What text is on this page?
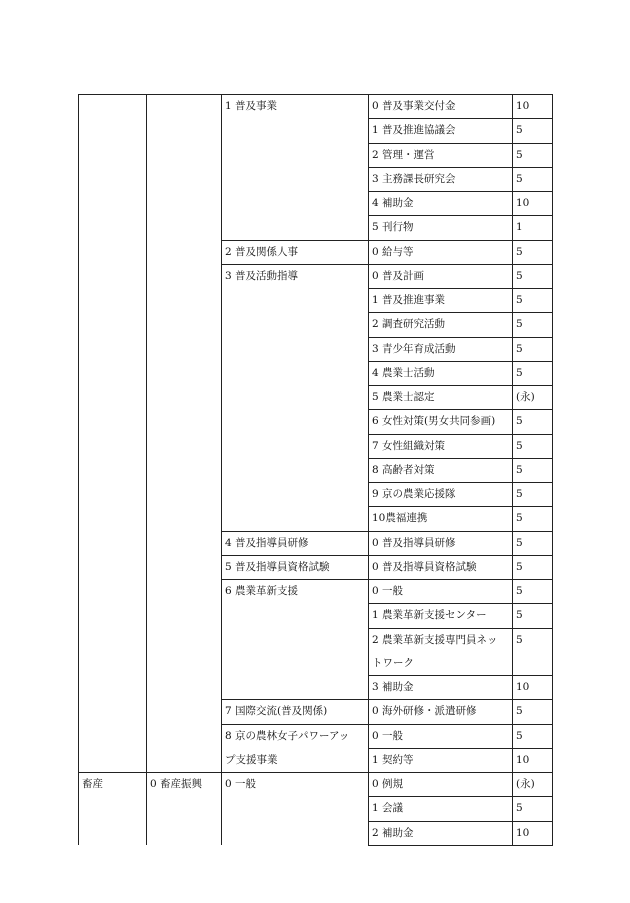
		1 普及事業	0 普及事業交付金	10
			1 普及推進協議会	5
			2 管理・運営	5
			3 主務課長研究会	5
			4 補助金	10
			5 刊行物	1
		2 普及関係人事	0 給与等	5
		3 普及活動指導	0 普及計画	5
			1 普及推進事業	5
			2 調査研究活動	5
			3 青少年育成活動	5
			4 農業士活動	5
			5 農業士認定	(永)
			6 女性対策(男女共同参画)	5
			7 女性組織対策	5
			8 高齢者対策	5
			9 京の農業応援隊	5
			10農福連携	5
		4 普及指導員研修	0 普及指導員研修	5
		5 普及指導員資格試験	0 普及指導員資格試験	5
		6 農業革新支援	0 一般	5
			1 農業革新支援センター	5
			2 農業革新支援専門員ネッ	5
			トワーク	
			3 補助金	10
		7 国際交流(普及関係)	0 海外研修・派遣研修	5
		8 京の農林女子パワーアッ	0 一般	5
		プ支援事業	1 契約等	10
畜産	0 畜産振興	0 一般	0 例規	(永)
			1 会議	5
			2 補助金	10
